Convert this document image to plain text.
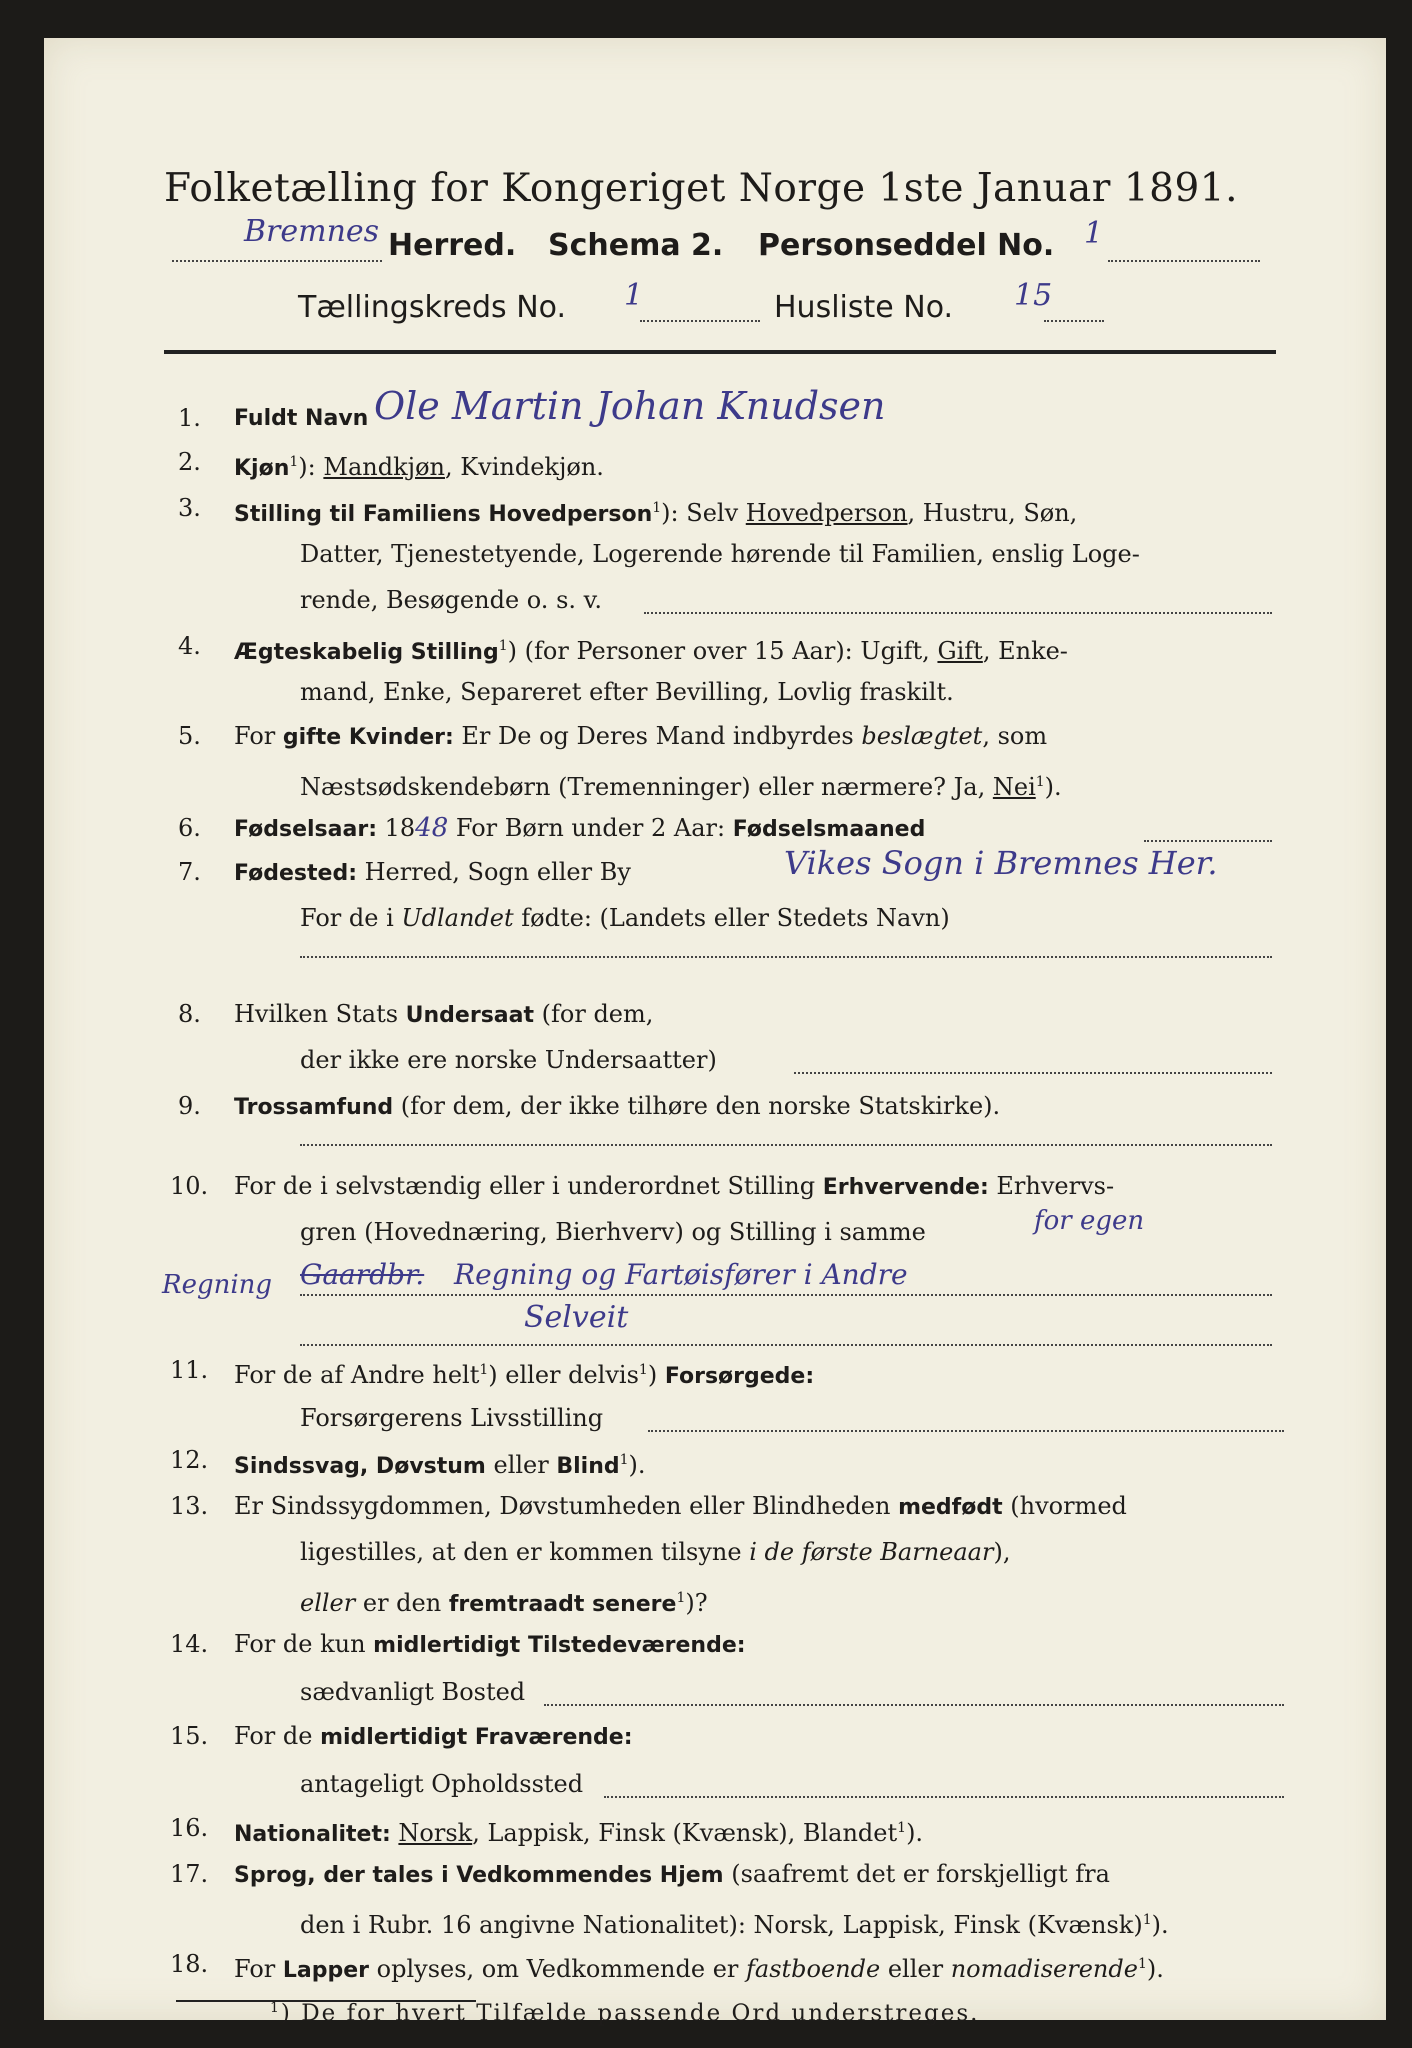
Folketælling for Kongeriget Norge 1ste Januar 1891.
Bremnes Herred. Schema 2. Personseddel No. 1
Tællingskreds No. 1	Husliste No. 15
1. Fuldt Navn Ole Martin Johan Knudsen
2. Kjøn$^1$): Mandkjøn, Kvindekjøn.
3. Stilling til Familiens Hovedperson$^1$): Selv Hovedperson, Hustru, Søn,
Datter, Tjenestetyende, Logerende hørende til Familien, enslig Loge-
rende, Besøgende o. s. v.
4. Ægteskabelig Stilling$^1$) (for Personer over 15 Aar): Ugift, Gift, Enke-
mand, Enke, Separeret efter Bevilling, Lovlig fraskilt.
5. For gifte Kvinder: Er De og Deres Mand indbyrdes beslægtet, som
Næstsødskendebørn (Tremenninger) eller nærmere? Ja, Nei$^1$).
6. Fødselsaar: 1848 For Børn under 2 Aar: Fødselsmaaned
7. Fødested: Herred, Sogn eller By	Vikes Sogn i Bremnes Her.
For de i Udlandet fødte: (Landets eller Stedets Navn)
8. Hvilken Stats Undersaat (for dem,
der ikke ere norske Undersaatter)
9. Trossamfund (for dem, der ikke tilhøre den norske Statskirke).
10. For de i selvstændig eller i underordnet Stilling Erhvervende: Erhvervs-
gren (Hovednæring, Bierhverv) og Stilling i samme	for egen
Regning Gaardbr. Regning og Fartøisfører i Andre
Selveit
11. For de af Andre helt$^1$) eller delvis$^1$) Forsørgede:
Forsørgerens Livsstilling
12. Sindssvag, Døvstum eller Blind$^1$).
13. Er Sindssygdommen, Døvstumheden eller Blindheden medfødt (hvormed
ligestilles, at den er kommen tilsyne i de første Barneaar),
eller er den fremtraadt senere$^1$)?
14. For de kun midlertidigt Tilstedeværende:
sædvanligt Bosted
15. For de midlertidigt Fraværende:
antageligt Opholdssted
16. Nationalitet: Norsk, Lappisk, Finsk (Kvænsk), Blandet$^1$).
17. Sprog, der tales i Vedkommendes Hjem (saafremt det er forskjelligt fra
den i Rubr. 16 angivne Nationalitet): Norsk, Lappisk, Finsk (Kvænsk)$^1$).
18. For Lapper oplyses, om Vedkommende er fastboende eller nomadiserende$^1$).
$^1$) De for hvert Tilfælde passende Ord understreges.
